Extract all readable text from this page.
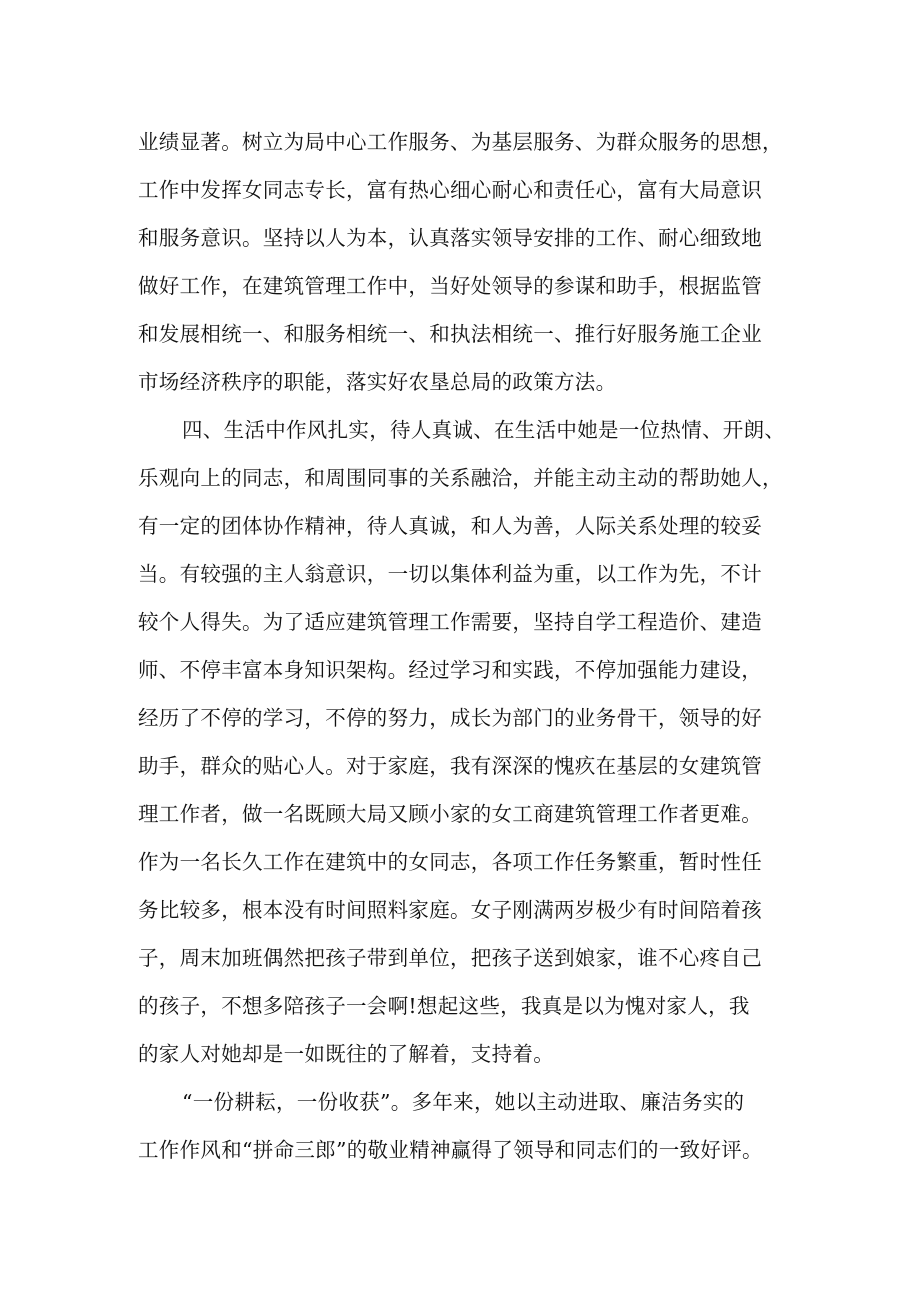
业绩显著。树立为局中心工作服务、为基层服务、为群众服务的思想，
工作中发挥女同志专长，富有热心细心耐心和责任心，富有大局意识
和服务意识。坚持以人为本，认真落实领导安排的工作、耐心细致地
做好工作，在建筑管理工作中，当好处领导的参谋和助手，根据监管
和发展相统一、和服务相统一、和执法相统一、推行好服务施工企业
市场经济秩序的职能，落实好农垦总局的政策方法。
四、生活中作风扎实，待人真诚、在生活中她是一位热情、开朗、
乐观向上的同志，和周围同事的关系融洽，并能主动主动的帮助她人，
有一定的团体协作精神，待人真诚，和人为善，人际关系处理的较妥
当。有较强的主人翁意识，一切以集体利益为重，以工作为先，不计
较个人得失。为了适应建筑管理工作需要，坚持自学工程造价、建造
师、不停丰富本身知识架构。经过学习和实践，不停加强能力建设，
经历了不停的学习，不停的努力，成长为部门的业务骨干，领导的好
助手，群众的贴心人。对于家庭，我有深深的愧疚在基层的女建筑管
理工作者，做一名既顾大局又顾小家的女工商建筑管理工作者更难。
作为一名长久工作在建筑中的女同志，各项工作任务繁重，暂时性任
务比较多，根本没有时间照料家庭。女子刚满两岁极少有时间陪着孩
子，周末加班偶然把孩子带到单位，把孩子送到娘家，谁不心疼自己
的孩子，不想多陪孩子一会啊!想起这些，我真是以为愧对家人，我
的家人对她却是一如既往的了解着，支持着。
“一份耕耘，一份收获”。多年来，她以主动进取、廉洁务实的
工作作风和“拼命三郎”的敬业精神赢得了领导和同志们的一致好评。
